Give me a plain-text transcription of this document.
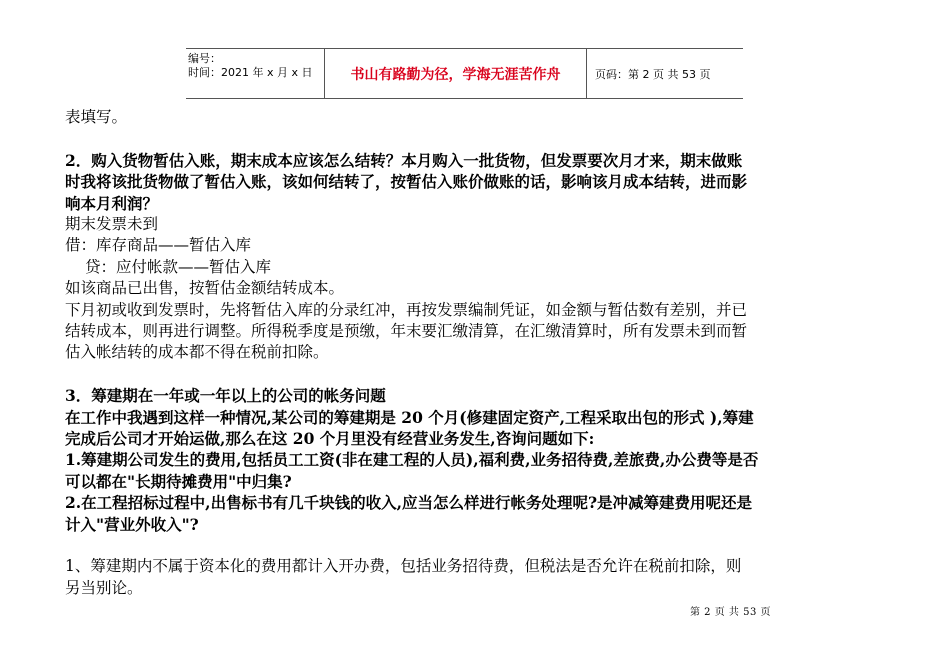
编号：
时间：2021 年 x 月 x 日	书山有路勤为径，学海无涯苦作舟	页码：第 2 页 共 53 页

表填写。

2．购入货物暂估入账，期末成本应该怎么结转？本月购入一批货物，但发票要次月才来，期末做账

时我将该批货物做了暂估入账，该如何结转了，按暂估入账价做账的话，影响该月成本结转，进而影

响本月利润？

期末发票未到

借：库存商品——暂估入库

贷：应付帐款——暂估入库

如该商品已出售，按暂估金额结转成本。

下月初或收到发票时，先将暂估入库的分录红冲，再按发票编制凭证，如金额与暂估数有差别，并已

结转成本，则再进行调整。所得税季度是预缴，年末要汇缴清算，在汇缴清算时，所有发票未到而暂

估入帐结转的成本都不得在税前扣除。

3．筹建期在一年或一年以上的公司的帐务问题

在工作中我遇到这样一种情况,某公司的筹建期是 20 个月(修建固定资产,工程采取出包的形式 ),筹建

完成后公司才开始运做,那么在这 20 个月里没有经营业务发生,咨询问题如下:

1.筹建期公司发生的费用,包括员工工资(非在建工程的人员),福利费,业务招待费,差旅费,办公费等是否

可以都在"长期待摊费用"中归集?

2.在工程招标过程中,出售标书有几千块钱的收入,应当怎么样进行帐务处理呢?是冲减筹建费用呢还是

计入"营业外收入"?

1、筹建期内不属于资本化的费用都计入开办费，包括业务招待费，但税法是否允许在税前扣除，则

另当别论。

第 2 页 共 53 页
